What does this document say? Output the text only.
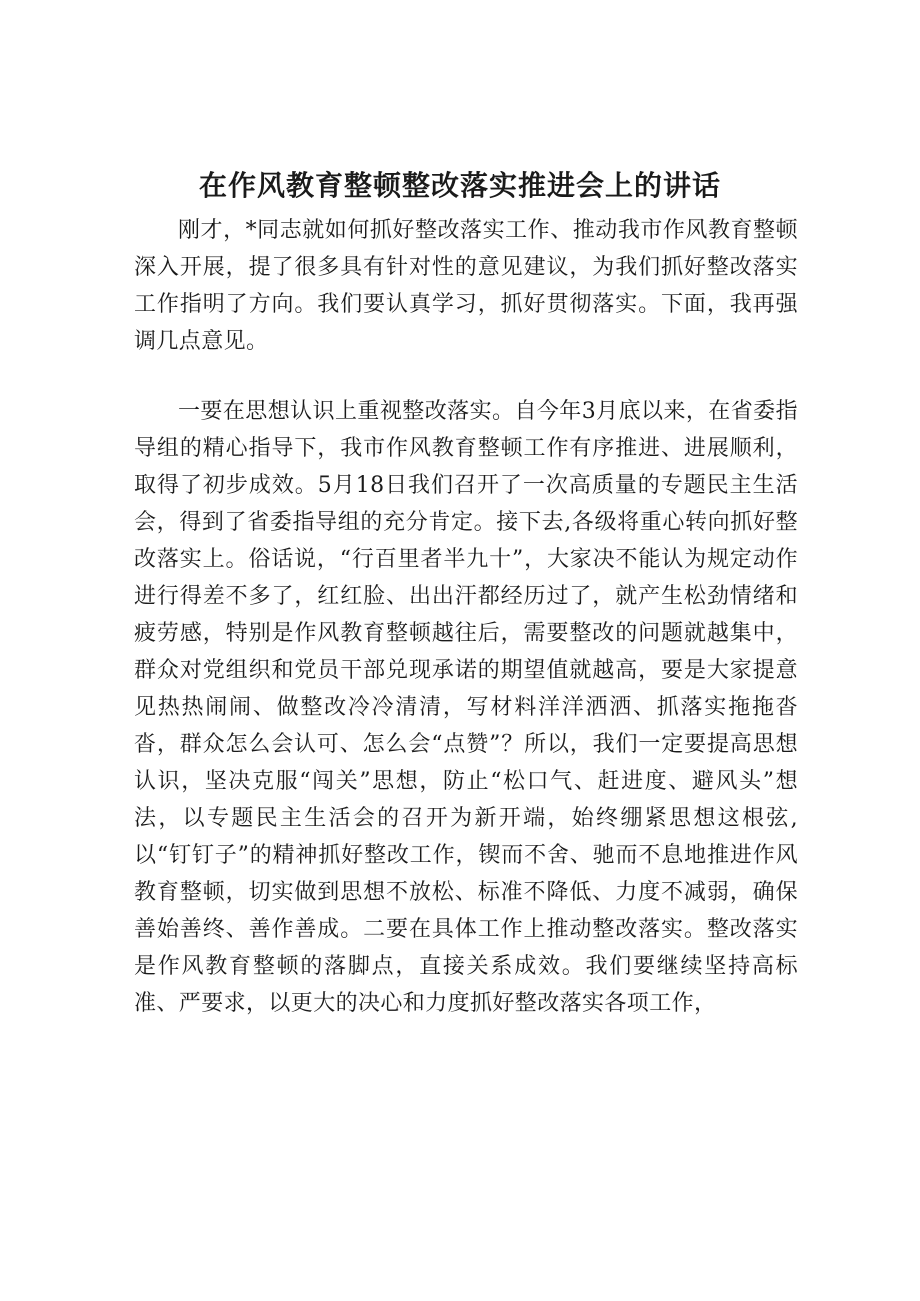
在作风教育整顿整改落实推进会上的讲话

刚才，*同志就如何抓好整改落实工作、推动我市作风教育整顿深入开展，提了很多具有针对性的意见建议，为我们抓好整改落实工作指明了方向。我们要认真学习，抓好贯彻落实。下面，我再强调几点意见。

一要在思想认识上重视整改落实。自今年3月底以来，在省委指导组的精心指导下，我市作风教育整顿工作有序推进、进展顺利，取得了初步成效。5月18日我们召开了一次高质量的专题民主生活会，得到了省委指导组的充分肯定。接下去,各级将重心转向抓好整改落实上。俗话说，“行百里者半九十”，大家决不能认为规定动作进行得差不多了，红红脸、出出汗都经历过了，就产生松劲情绪和疲劳感，特别是作风教育整顿越往后，需要整改的问题就越集中，群众对党组织和党员干部兑现承诺的期望值就越高，要是大家提意见热热闹闹、做整改冷冷清清，写材料洋洋洒洒、抓落实拖拖沓沓，群众怎么会认可、怎么会“点赞”？所以，我们一定要提高思想认识，坚决克服“闯关”思想，防止“松口气、赶进度、避风头”想法，以专题民主生活会的召开为新开端，始终绷紧思想这根弦,以“钉钉子”的精神抓好整改工作，锲而不舍、驰而不息地推进作风教育整顿，切实做到思想不放松、标准不降低、力度不减弱，确保善始善终、善作善成。二要在具体工作上推动整改落实。整改落实是作风教育整顿的落脚点，直接关系成效。我们要继续坚持高标准、严要求，以更大的决心和力度抓好整改落实各项工作，
